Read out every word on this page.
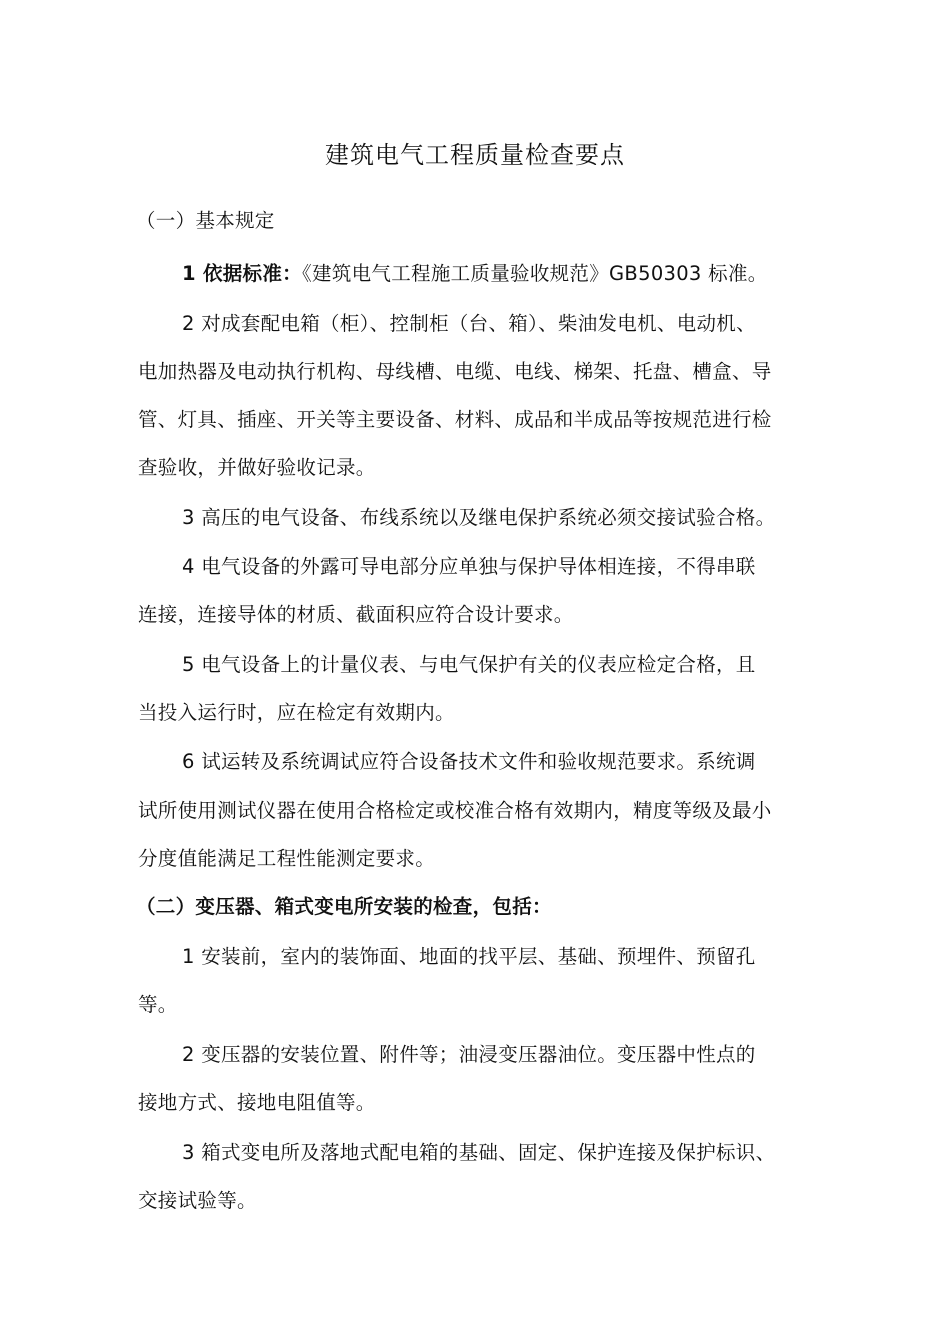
建筑电气工程质量检查要点
（一）基本规定
1 依据标准：《建筑电气工程施工质量验收规范》GB50303 标准。
2 对成套配电箱（柜）、控制柜（台、箱）、柴油发电机、电动机、
电加热器及电动执行机构、母线槽、电缆、电线、梯架、托盘、槽盒、导
管、灯具、插座、开关等主要设备、材料、成品和半成品等按规范进行检
查验收，并做好验收记录。
3 高压的电气设备、布线系统以及继电保护系统必须交接试验合格。
4 电气设备的外露可导电部分应单独与保护导体相连接，不得串联
连接，连接导体的材质、截面积应符合设计要求。
5 电气设备上的计量仪表、与电气保护有关的仪表应检定合格，且
当投入运行时，应在检定有效期内。
6 试运转及系统调试应符合设备技术文件和验收规范要求。系统调
试所使用测试仪器在使用合格检定或校准合格有效期内，精度等级及最小
分度值能满足工程性能测定要求。
（二）变压器、箱式变电所安装的检查，包括：
1 安装前，室内的装饰面、地面的找平层、基础、预埋件、预留孔
等。
2 变压器的安装位置、附件等；油浸变压器油位。变压器中性点的
接地方式、接地电阻值等。
3 箱式变电所及落地式配电箱的基础、固定、保护连接及保护标识、
交接试验等。
